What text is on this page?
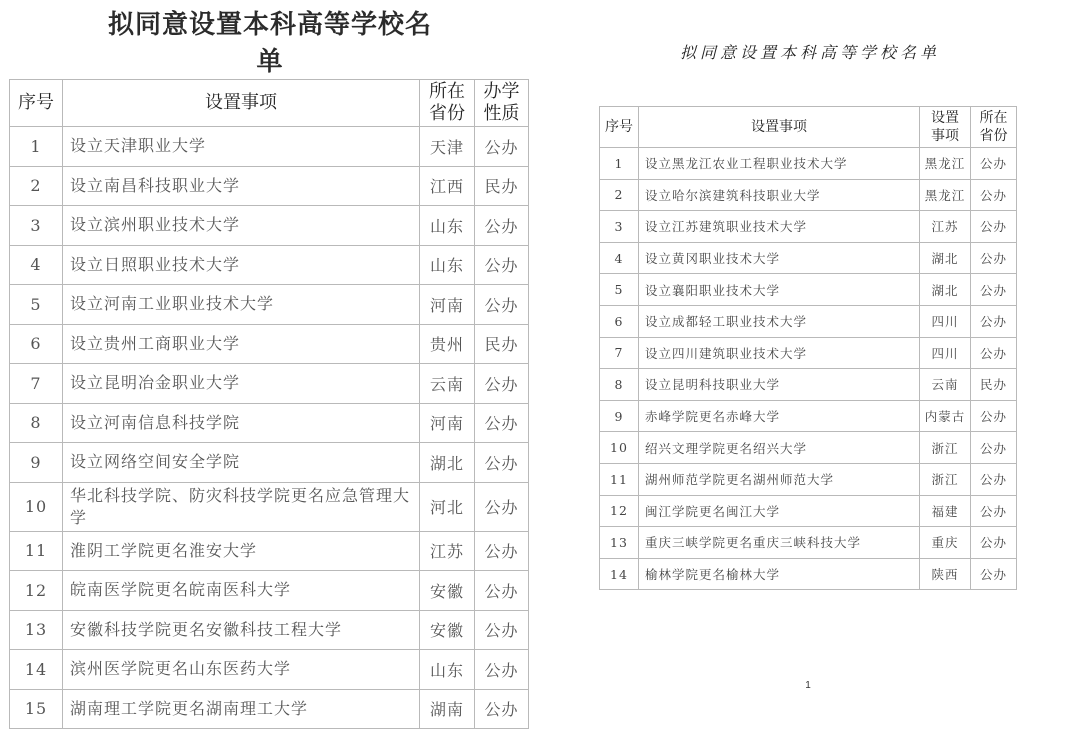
拟同意设置本科高等学校名单
序号	设置事项	所在省份	办学性质
1	设立天津职业大学	天津	公办
2	设立南昌科技职业大学	江西	民办
3	设立滨州职业技术大学	山东	公办
4	设立日照职业技术大学	山东	公办
5	设立河南工业职业技术大学	河南	公办
6	设立贵州工商职业大学	贵州	民办
7	设立昆明冶金职业大学	云南	公办
8	设立河南信息科技学院	河南	公办
9	设立网络空间安全学院	湖北	公办
10	华北科技学院、防灾科技学院更名应急管理大学	河北	公办
11	淮阴工学院更名淮安大学	江苏	公办
12	皖南医学院更名皖南医科大学	安徽	公办
13	安徽科技学院更名安徽科技工程大学	安徽	公办
14	滨州医学院更名山东医药大学	山东	公办
15	湖南理工学院更名湖南理工大学	湖南	公办
拟同意设置本科高等学校名单
序号	设置事项	设置事项	所在省份
1	设立黑龙江农业工程职业技术大学	黑龙江	公办
2	设立哈尔滨建筑科技职业大学	黑龙江	公办
3	设立江苏建筑职业技术大学	江苏	公办
4	设立黄冈职业技术大学	湖北	公办
5	设立襄阳职业技术大学	湖北	公办
6	设立成都轻工职业技术大学	四川	公办
7	设立四川建筑职业技术大学	四川	公办
8	设立昆明科技职业大学	云南	民办
9	赤峰学院更名赤峰大学	内蒙古	公办
10	绍兴文理学院更名绍兴大学	浙江	公办
11	湖州师范学院更名湖州师范大学	浙江	公办
12	闽江学院更名闽江大学	福建	公办
13	重庆三峡学院更名重庆三峡科技大学	重庆	公办
14	榆林学院更名榆林大学	陕西	公办
1
